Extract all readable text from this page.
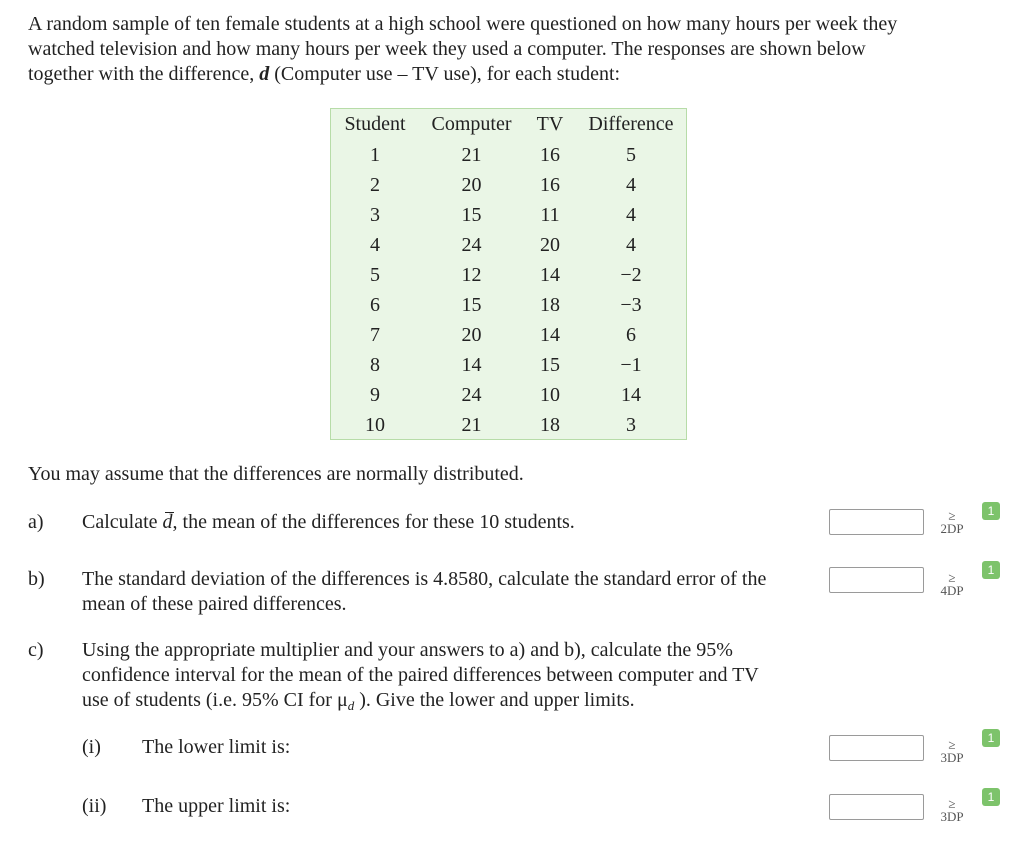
A random sample of ten female students at a high school were questioned on how many hours per week they
watched television and how many hours per week they used a computer. The responses are shown below
together with the difference, d (Computer use – TV use), for each student:

Student	Computer	TV	Difference
1	21	16	5
2	20	16	4
3	15	11	4
4	24	20	4
5	12	14	−2
6	15	18	−3
7	20	14	6
8	14	15	−1
9	24	10	14
10	21	18	3

You may assume that the differences are normally distributed.

a) Calculate d, the mean of the differences for these 10 students.	≥
2DP
1
b) The standard deviation of the differences is 4.8580, calculate the standard error of the
mean of these paired differences.

≥
4DP
1
c) Using the appropriate multiplier and your answers to a) and b), calculate the 95%
confidence interval for the mean of the paired differences between computer and TV
use of students (i.e. 95% CI for $\mu_d$ ). Give the lower and upper limits.

(i) The lower limit is:	≥
3DP
1
(ii) The upper limit is:	≥
3DP
1
